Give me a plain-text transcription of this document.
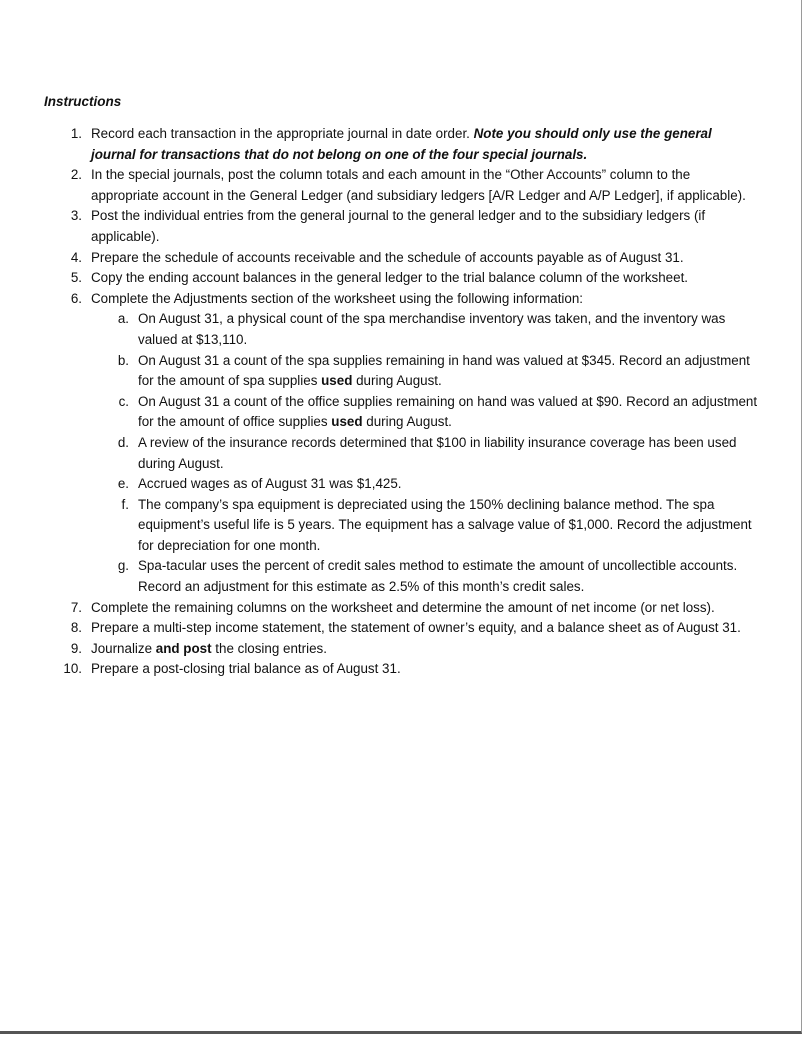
Instructions

1. Record each transaction in the appropriate journal in date order. Note you should only use the general journal for transactions that do not belong on one of the four special journals.
2. In the special journals, post the column totals and each amount in the “Other Accounts” column to the appropriate account in the General Ledger (and subsidiary ledgers [A/R Ledger and A/P Ledger], if applicable).
3. Post the individual entries from the general journal to the general ledger and to the subsidiary ledgers (if applicable).
4. Prepare the schedule of accounts receivable and the schedule of accounts payable as of August 31.
5. Copy the ending account balances in the general ledger to the trial balance column of the worksheet.
6. Complete the Adjustments section of the worksheet using the following information:
a. On August 31, a physical count of the spa merchandise inventory was taken, and the inventory was valued at $13,110.
b. On August 31 a count of the spa supplies remaining in hand was valued at $345. Record an adjustment for the amount of spa supplies used during August.
c. On August 31 a count of the office supplies remaining on hand was valued at $90. Record an adjustment for the amount of office supplies used during August.
d. A review of the insurance records determined that $100 in liability insurance coverage has been used during August.
e. Accrued wages as of August 31 was $1,425.
f. The company’s spa equipment is depreciated using the 150% declining balance method. The spa equipment’s useful life is 5 years. The equipment has a salvage value of $1,000. Record the adjustment for depreciation for one month.
g. Spa-tacular uses the percent of credit sales method to estimate the amount of uncollectible accounts. Record an adjustment for this estimate as 2.5% of this month’s credit sales.
7. Complete the remaining columns on the worksheet and determine the amount of net income (or net loss).
8. Prepare a multi-step income statement, the statement of owner’s equity, and a balance sheet as of August 31.
9. Journalize and post the closing entries.
10. Prepare a post-closing trial balance as of August 31.
